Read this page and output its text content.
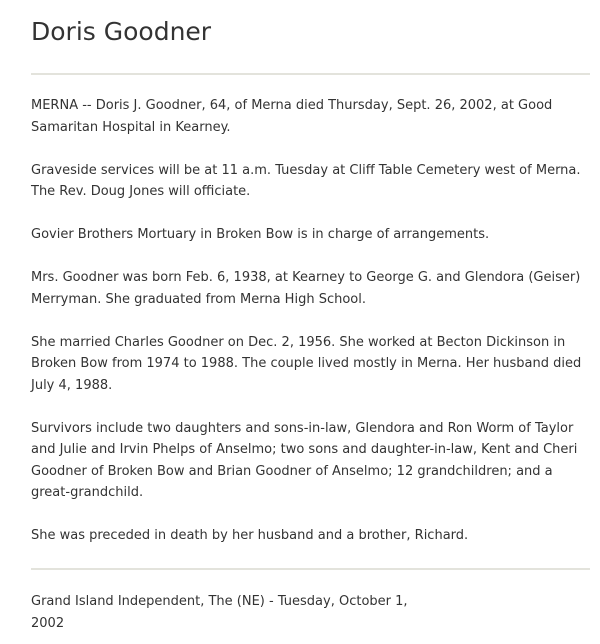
Doris Goodner

MERNA -- Doris J. Goodner, 64, of Merna died Thursday, Sept. 26, 2002, at Good Samaritan Hospital in Kearney.

Graveside services will be at 11 a.m. Tuesday at Cliff Table Cemetery west of Merna. The Rev. Doug Jones will officiate.

Govier Brothers Mortuary in Broken Bow is in charge of arrangements.

Mrs. Goodner was born Feb. 6, 1938, at Kearney to George G. and Glendora (Geiser) Merryman. She graduated from Merna High School.

She married Charles Goodner on Dec. 2, 1956. She worked at Becton Dickinson in Broken Bow from 1974 to 1988. The couple lived mostly in Merna. Her husband died July 4, 1988.

Survivors include two daughters and sons-in-law, Glendora and Ron Worm of Taylor and Julie and Irvin Phelps of Anselmo; two sons and daughter-in-law, Kent and Cheri Goodner of Broken Bow and Brian Goodner of Anselmo; 12 grandchildren; and a great-grandchild.

She was preceded in death by her husband and a brother, Richard.

Grand Island Independent, The (NE) - Tuesday, October 1,
2002
